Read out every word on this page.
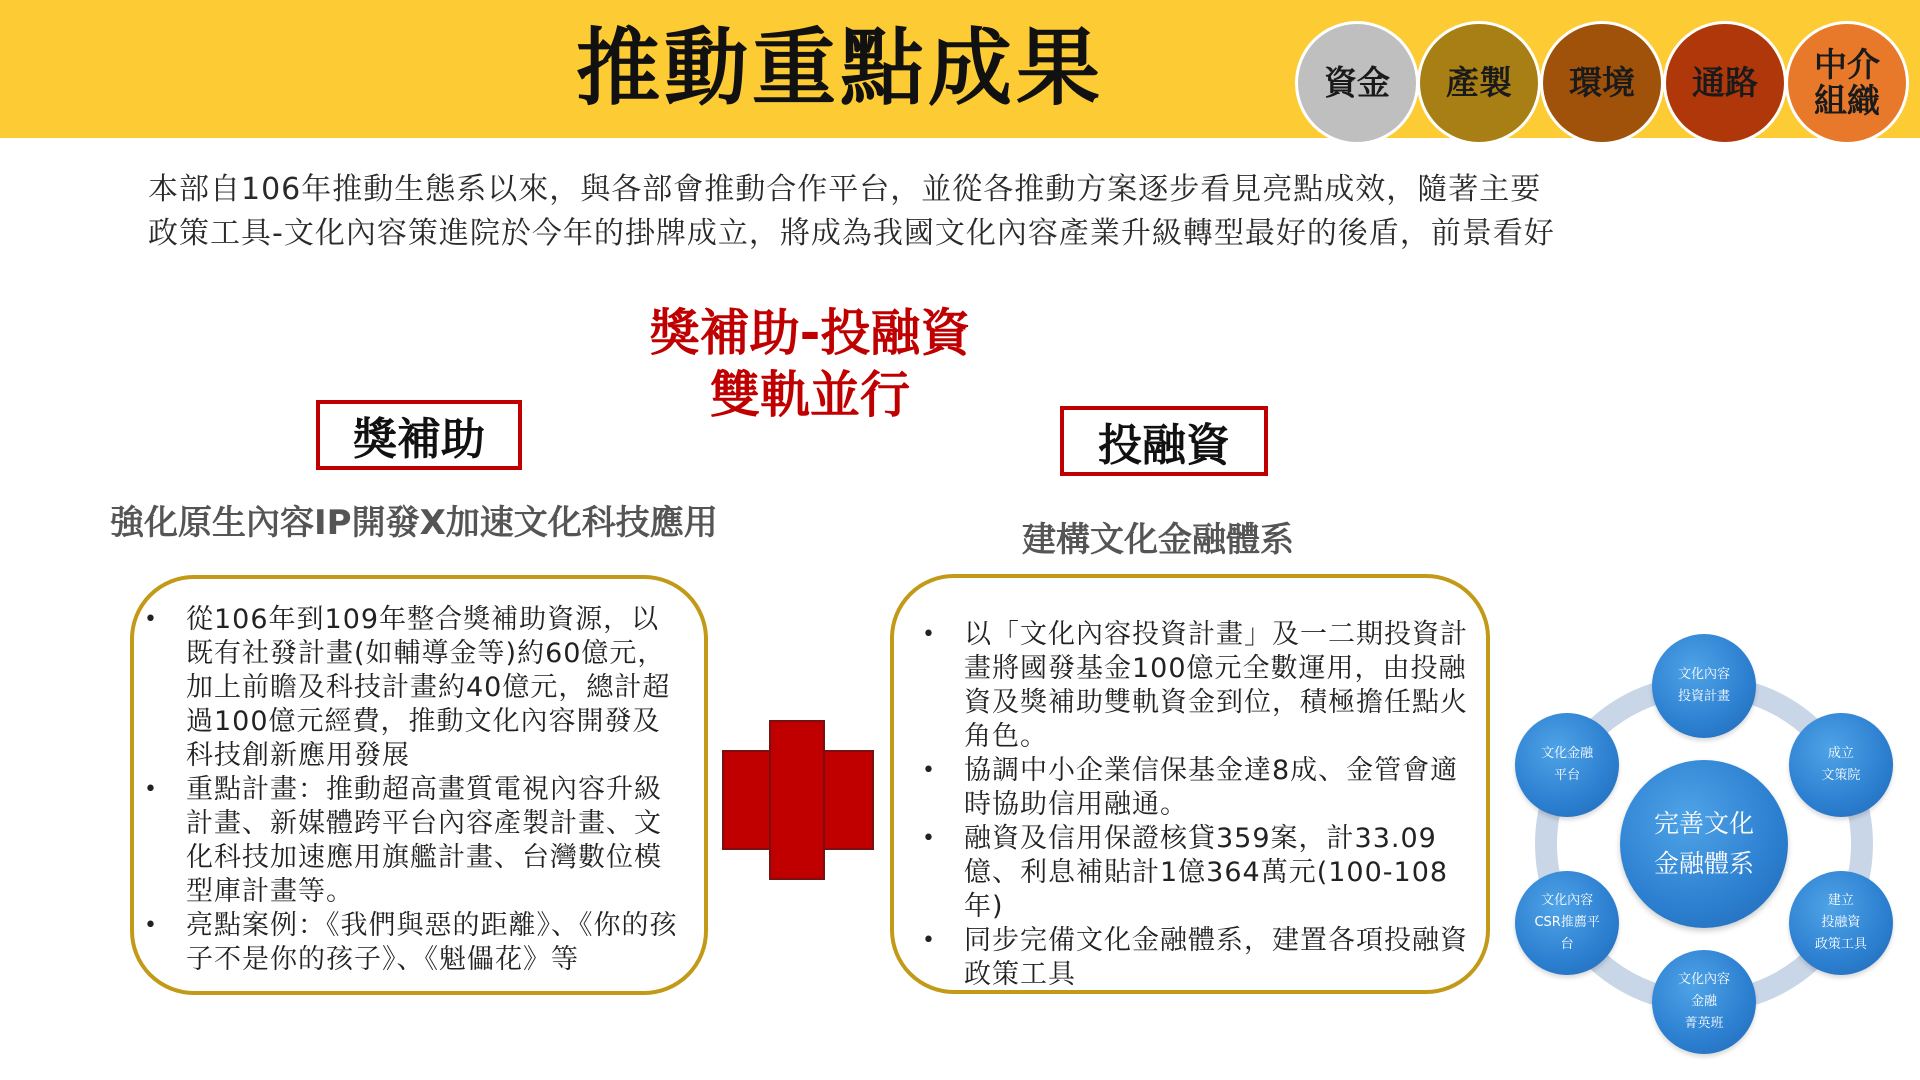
推動重點成果	資金 產製 環境 通路 中介
組織
本部自106年推動生態系以來，與各部會推動合作平台，並從各推動方案逐步看見亮點成效，隨著主要
政策工具-文化內容策進院於今年的掛牌成立，將成為我國文化內容產業升級轉型最好的後盾，前景看好
獎補助-投融資
雙軌並行
獎補助
強化原生內容IP開發X加速文化科技應用
• 從106年到109年整合獎補助資源，以既有社發計畫(如輔導金等)約60億元，加上前瞻及科技計畫約40億元，總計超過100億元經費，推動文化內容開發及科技創新應用發展
• 重點計畫：推動超高畫質電視內容升級計畫、新媒體跨平台內容產製計畫、文化科技加速應用旗艦計畫、台灣數位模型庫計畫等。
• 亮點案例：《我們與惡的距離》、《你的孩子不是你的孩子》、《魁儡花》等
投融資
建構文化金融體系
• 以「文化內容投資計畫」及一二期投資計畫將國發基金100億元全數運用，由投融資及獎補助雙軌資金到位，積極擔任點火角色。
• 協調中小企業信保基金達8成、金管會適時協助信用融通。
• 融資及信用保證核貸359案，計33.09億、利息補貼計1億364萬元(100-108年)
• 同步完備文化金融體系，建置各項投融資政策工具
文化內容
投資計畫
成立
文策院
建立
投融資
政策工具
文化內容
金融
菁英班
文化內容
CSR推薦平
台
文化金融
平台
完善文化
金融體系
